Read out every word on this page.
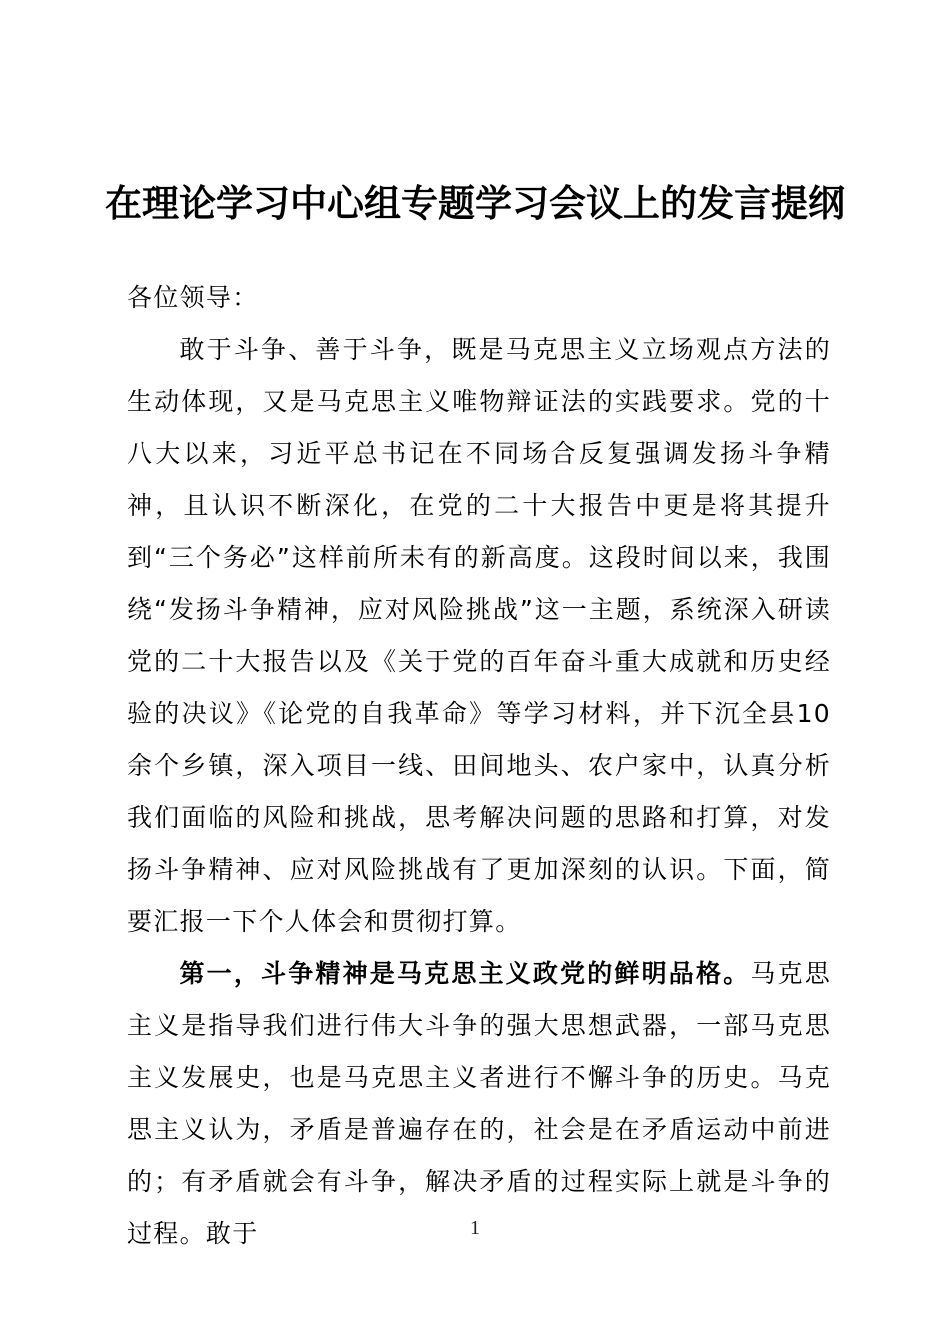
在理论学习中心组专题学习会议上的发言提纲

各位领导：

敢于斗争、善于斗争，既是马克思主义立场观点方法的生动体现，又是马克思主义唯物辩证法的实践要求。党的十八大以来，习近平总书记在不同场合反复强调发扬斗争精神，且认识不断深化，在党的二十大报告中更是将其提升到“三个务必”这样前所未有的新高度。这段时间以来，我围绕“发扬斗争精神，应对风险挑战”这一主题，系统深入研读党的二十大报告以及《关于党的百年奋斗重大成就和历史经验的决议》《论党的自我革命》等学习材料，并下沉全县10余个乡镇，深入项目一线、田间地头、农户家中，认真分析我们面临的风险和挑战，思考解决问题的思路和打算，对发扬斗争精神、应对风险挑战有了更加深刻的认识。下面，简要汇报一下个人体会和贯彻打算。

第一，斗争精神是马克思主义政党的鲜明品格。马克思主义是指导我们进行伟大斗争的强大思想武器，一部马克思主义发展史，也是马克思主义者进行不懈斗争的历史。马克思主义认为，矛盾是普遍存在的，社会是在矛盾运动中前进的；有矛盾就会有斗争，解决矛盾的过程实际上就是斗争的过程。敢于	1
